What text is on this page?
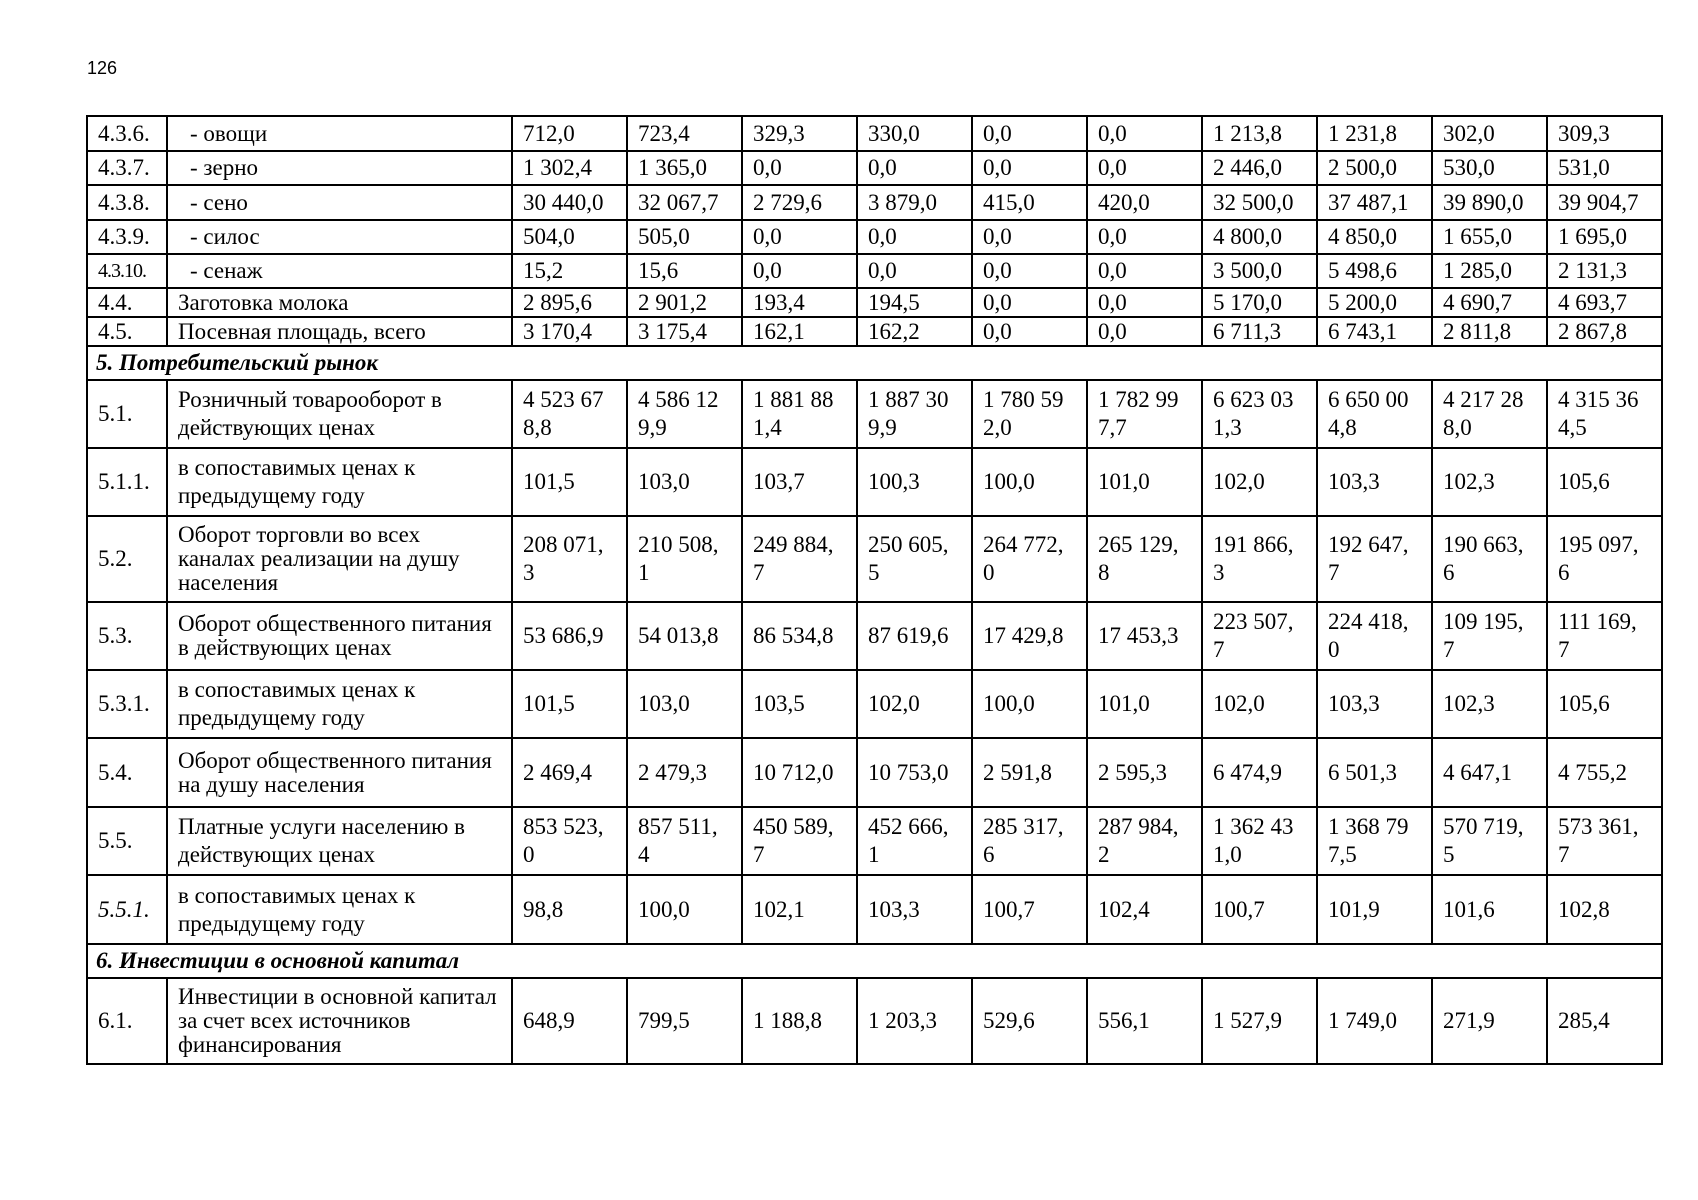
126
4.3.6.	- овощи	712,0	723,4	329,3	330,0	0,0	0,0	1 213,8	1 231,8	302,0	309,3
4.3.7.	- зерно	1 302,4	1 365,0	0,0	0,0	0,0	0,0	2 446,0	2 500,0	530,0	531,0
4.3.8.	- сено	30 440,0	32 067,7	2 729,6	3 879,0	415,0	420,0	32 500,0	37 487,1	39 890,0	39 904,7
4.3.9.	- силос	504,0	505,0	0,0	0,0	0,0	0,0	4 800,0	4 850,0	1 655,0	1 695,0
4.3.10.	- сенаж	15,2	15,6	0,0	0,0	0,0	0,0	3 500,0	5 498,6	1 285,0	2 131,3
4.4.	Заготовка молока	2 895,6	2 901,2	193,4	194,5	0,0	0,0	5 170,0	5 200,0	4 690,7	4 693,7
4.5.	Посевная площадь, всего	3 170,4	3 175,4	162,1	162,2	0,0	0,0	6 711,3	6 743,1	2 811,8	2 867,8
5. Потребительский рынок											
5.1.	Розничный товарооборот в действующих ценах	4 523 67 8,8	4 586 12 9,9	1 881 88 1,4	1 887 30 9,9	1 780 59 2,0	1 782 99 7,7	6 623 03 1,3	6 650 00 4,8	4 217 28 8,0	4 315 36 4,5
5.1.1.	в сопоставимых ценах к предыдущему году	101,5	103,0	103,7	100,3	100,0	101,0	102,0	103,3	102,3	105,6
5.2.	Оборот торговли во всех каналах реализации на душу населения	208 071, 3	210 508, 1	249 884, 7	250 605, 5	264 772, 0	265 129, 8	191 866, 3	192 647, 7	190 663, 6	195 097, 6
5.3.	Оборот общественного питания в действующих ценах	53 686,9	54 013,8	86 534,8	87 619,6	17 429,8	17 453,3	223 507, 7	224 418, 0	109 195, 7	111 169, 7
5.3.1.	в сопоставимых ценах к предыдущему году	101,5	103,0	103,5	102,0	100,0	101,0	102,0	103,3	102,3	105,6
5.4.	Оборот общественного питания на душу населения	2 469,4	2 479,3	10 712,0	10 753,0	2 591,8	2 595,3	6 474,9	6 501,3	4 647,1	4 755,2
5.5.	Платные услуги населению в действующих ценах	853 523, 0	857 511, 4	450 589, 7	452 666, 1	285 317, 6	287 984, 2	1 362 43 1,0	1 368 79 7,5	570 719, 5	573 361, 7
5.5.1.	в сопоставимых ценах к предыдущему году	98,8	100,0	102,1	103,3	100,7	102,4	100,7	101,9	101,6	102,8
6. Инвестиции в основной капитал											
6.1.	Инвестиции в основной капитал за счет всех источников финансирования	648,9	799,5	1 188,8	1 203,3	529,6	556,1	1 527,9	1 749,0	271,9	285,4
